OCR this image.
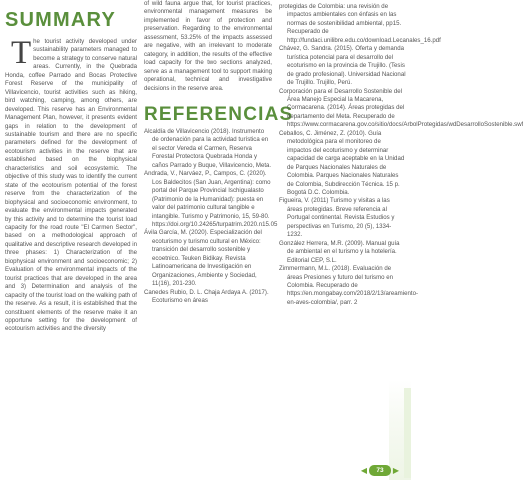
SUMMARY
T he tourist activity developed under sustainability parameters managed to become a strategy to conserve natural areas. Currently, in the Quebrada Honda, coffee Parrado and Bocas Protective Forest Reserve of the municipality of Villavicencio, tourist activities such as hiking, bird watching, camping, among others, are developed. This reserve has an Environmental Management Plan, however, it presents evident gaps in relation to the development of sustainable tourism and there are no specific parameters defined for the development of ecotourism activities in the reserve that are established based on the biophysical characteristics and soil ecosystemic. The objective of this study was to identify the current state of the ecotourism potential of the forest reserve from the characterization of the biophysical and socioeconomic environment, to evaluate the environmental impacts generated by this activity and to determine the tourist load capacity for the road route "El Carmen Sector", based on a methodological approach of qualitative and descriptive research developed in three phases: 1) Characterization of the biophysical environment and socioeconomic; 2) Evaluation of the environmental impacts of the tourist practices that are developed in the area and 3) Determination and analysis of the capacity of the tourist load on the walking path of the reserve. As a result, it is established that the constituent elements of the reserve make it an opportune setting for the development of ecotourism activities and the diversity

of wild fauna argue that, for tourist practices, environmental management measures be implemented in favor of protection and preservation. Regarding to the environmental assessment, 53.25% of the impacts assessed are negative, with an irrelevant to moderate category, in addition, the results of the effective load capacity for the two sections analyzed, serve as a management tool to support making operational, technical and investigative decisions in the reserve area.

REFERENCIAS

Alcaldía de Villavicencio (2018). Instrumento de ordenación para la actividad turística en el sector Vereda el Carmen, Reserva Forestal Protectora Quebrada Honda y caños Parrado y Buque, Villavicencio, Meta.

Andrada, V., Narváez, P., Campos, C. (2020). Los Baldecitos (San Juan, Argentina): como portal del Parque Provincial Ischigualasto (Patrimonio de la Humanidad): puesta en valor del patrimonio cultural tangible e intangible. Turismo y Patrimonio, 15, 59-80. https://doi.org/10.24265/turpatrim.2020.n15.05

Ávila García, M. (2020). Especialización del ecoturismo y turismo cultural en México: transición del desarrollo sostenible y ecoetnico. Teuken Bidikay. Revista Latinoamericana de Investigación en Organizaciones, Ambiente y Sociedad, 11(16), 201-230.

Canedes Rubio, D. L. Chaja Ardaya A. (2017). Ecoturismo en áreas

protegidas de Colombia: una revisión de impactos ambientales con énfasis en las normas de sostenibilidad ambiental, pp15. Recuperado de http://fundaci.unilibre.edu.co/download.Lecanales_16.pdf

Chávez, G. Sandra. (2015). Oferta y demanda turística potencial para el desarrollo del ecoturismo en la provincia de Trujillo. (Tesis de grado profesional). Universidad Nacional de Trujillo. Trujillo, Perú.

Corporación para el Desarrollo Sostenible del Área Manejo Especial la Macarena, Cormacarena. (2014). Áreas protegidas del departamento del Meta. Recuperado de https://www.cormacarena.gov.co/sitio/docs/ArbolProtegidas/wdDesarrolloSostenible.swf

Ceballos, C. Jiménez, Z. (2010). Guía metodológica para el monitoreo de impactos del ecoturismo y determinar capacidad de carga aceptable en la Unidad de Parques Nacionales Naturales de Colombia. Parques Nacionales Naturales de Colombia, Subdirección Técnica. 15 p. Bogotá D.C. Colombia.

Figueira, V. (2011) Turismo y visitas a las áreas protegidas. Breve referencia al Portugal continental. Revista Estudios y perspectivas en Turismo, 20 (5), 1334-1232.

González Herrera, M.R. (2009). Manual guía de ambiental en el turismo y la hotelería. Editorial CEP, S.L.

Zimmermann, M.L. (2018). Evaluación de áreas Presiones y futuro del turismo en Colombia. Recuperado de https://en.mongabay.com/2018/2/13/areamiento-en-aves-colombia/, parr. 2

◀	73	▶
